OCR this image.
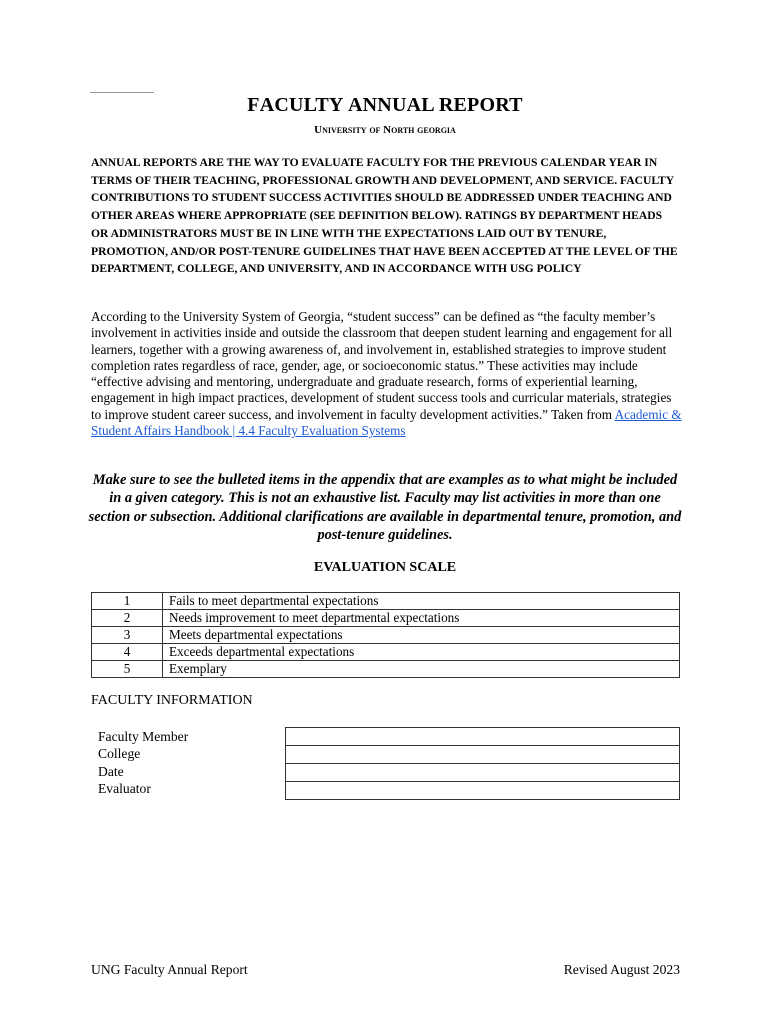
FACULTY ANNUAL REPORT
University of North georgia
ANNUAL REPORTS ARE THE WAY TO EVALUATE FACULTY FOR THE PREVIOUS CALENDAR YEAR IN TERMS OF THEIR TEACHING, PROFESSIONAL GROWTH AND DEVELOPMENT, AND SERVICE. FACULTY CONTRIBUTIONS TO STUDENT SUCCESS ACTIVITIES SHOULD BE ADDRESSED UNDER TEACHING AND OTHER AREAS WHERE APPROPRIATE (SEE DEFINITION BELOW). RATINGS BY DEPARTMENT HEADS OR ADMINISTRATORS MUST BE IN LINE WITH THE EXPECTATIONS LAID OUT BY TENURE, PROMOTION, AND/OR POST-TENURE GUIDELINES THAT HAVE BEEN ACCEPTED AT THE LEVEL OF THE DEPARTMENT, COLLEGE, AND UNIVERSITY, AND IN ACCORDANCE WITH USG POLICY
According to the University System of Georgia, “student success” can be defined as “the faculty member’s involvement in activities inside and outside the classroom that deepen student learning and engagement for all learners, together with a growing awareness of, and involvement in, established strategies to improve student completion rates regardless of race, gender, age, or socioeconomic status.” These activities may include “effective advising and mentoring, undergraduate and graduate research, forms of experiential learning, engagement in high impact practices, development of student success tools and curricular materials, strategies to improve student career success, and involvement in faculty development activities.” Taken from Academic & Student Affairs Handbook | 4.4 Faculty Evaluation Systems
Make sure to see the bulleted items in the appendix that are examples as to what might be included in a given category. This is not an exhaustive list. Faculty may list activities in more than one section or subsection. Additional clarifications are available in departmental tenure, promotion, and post-tenure guidelines.
EVALUATION SCALE
1	Fails to meet departmental expectations
2	Needs improvement to meet departmental expectations
3	Meets departmental expectations
4	Exceeds departmental expectations
5	Exemplary
FACULTY INFORMATION
Faculty Member
College
Date
Evaluator
UNG Faculty Annual Report	Revised August 2023
